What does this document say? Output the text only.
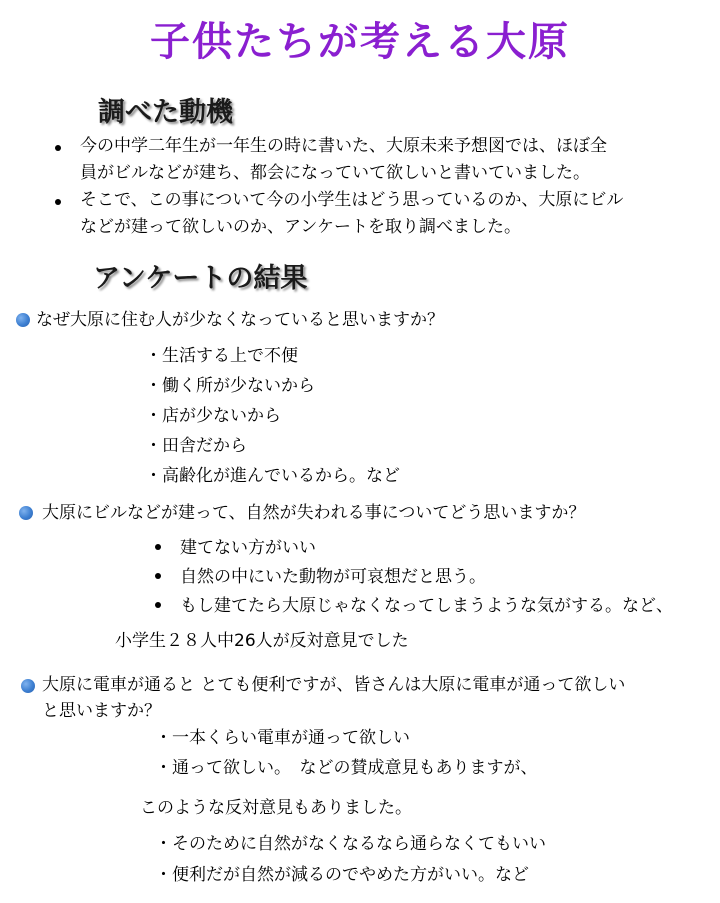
子供たちが考える大原
調べた動機
今の中学二年生が一年生の時に書いた、大原未来予想図では、ほぼ全
員がビルなどが建ち、都会になっていて欲しいと書いていました。
そこで、この事について今の小学生はどう思っているのか、大原にビル
などが建って欲しいのか、アンケートを取り調べました。
アンケートの結果
なぜ大原に住む人が少なくなっていると思いますか？
・生活する上で不便
・働く所が少ないから
・店が少ないから
・田舎だから
・高齢化が進んでいるから。など
大原にビルなどが建って、自然が失われる事についてどう思いますか？
建てない方がいい
自然の中にいた動物が可哀想だと思う。
もし建てたら大原じゃなくなってしまうような気がする。など、
小学生２８人中26人が反対意見でした
大原に電車が通ると とても便利ですが、皆さんは大原に電車が通って欲しい
と思いますか？
・一本くらい電車が通って欲しい
・通って欲しい。　などの賛成意見もありますが、
このような反対意見もありました。
・そのために自然がなくなるなら通らなくてもいい
・便利だが自然が減るのでやめた方がいい。など
